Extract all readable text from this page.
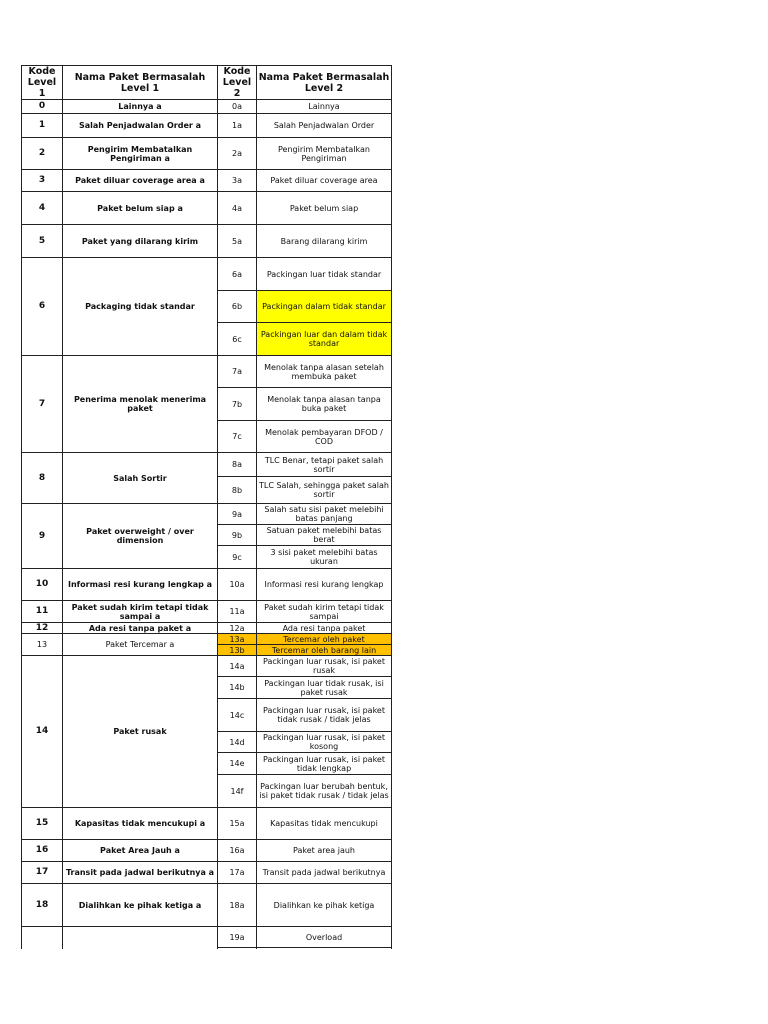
Kode Level 1	Nama Paket Bermasalah Level 1	Kode Level 2	Nama Paket Bermasalah Level 2
0	Lainnya a	0a	Lainnya
1	Salah Penjadwalan Order a	1a	Salah Penjadwalan Order
2	Pengirim Membatalkan Pengiriman a	2a	Pengirim Membatalkan Pengiriman
3	Paket diluar coverage area a	3a	Paket diluar coverage area
4	Paket belum siap a	4a	Paket belum siap
5	Paket yang dilarang kirim	5a	Barang dilarang kirim
6	Packaging tidak standar	6a	Packingan luar tidak standar
		6b	Packingan dalam tidak standar
		6c	Packingan luar dan dalam tidak standar
7	Penerima menolak menerima paket	7a	Menolak tanpa alasan setelah membuka paket
		7b	Menolak tanpa alasan tanpa buka paket
		7c	Menolak pembayaran DFOD / COD
8	Salah Sortir	8a	TLC Benar, tetapi paket salah sortir
		8b	TLC Salah, sehingga paket salah sortir
9	Paket overweight / over dimension	9a	Salah satu sisi paket melebihi batas panjang
		9b	Satuan paket melebihi batas berat
		9c	3 sisi paket melebihi batas ukuran
10	Informasi resi kurang lengkap a	10a	Informasi resi kurang lengkap
11	Paket sudah kirim tetapi tidak sampai a	11a	Paket sudah kirim tetapi tidak sampai
12	Ada resi tanpa paket a	12a	Ada resi tanpa paket
13	Paket Tercemar a	13a	Tercemar oleh paket
		13b	Tercemar oleh barang lain
14	Paket rusak	14a	Packingan luar rusak, isi paket rusak
		14b	Packingan luar tidak rusak, isi paket rusak
		14c	Packingan luar rusak, isi paket tidak rusak / tidak jelas
		14d	Packingan luar rusak, isi paket kosong
		14e	Packingan luar rusak, isi paket tidak lengkap
		14f	Packingan luar berubah bentuk, isi paket tidak rusak / tidak jelas
15	Kapasitas tidak mencukupi a	15a	Kapasitas tidak mencukupi
16	Paket Area Jauh a	16a	Paket area jauh
17	Transit pada jadwal berikutnya a	17a	Transit pada jadwal berikutnya
18	Dialihkan ke pihak ketiga a	18a	Dialihkan ke pihak ketiga
		19a	Overload
